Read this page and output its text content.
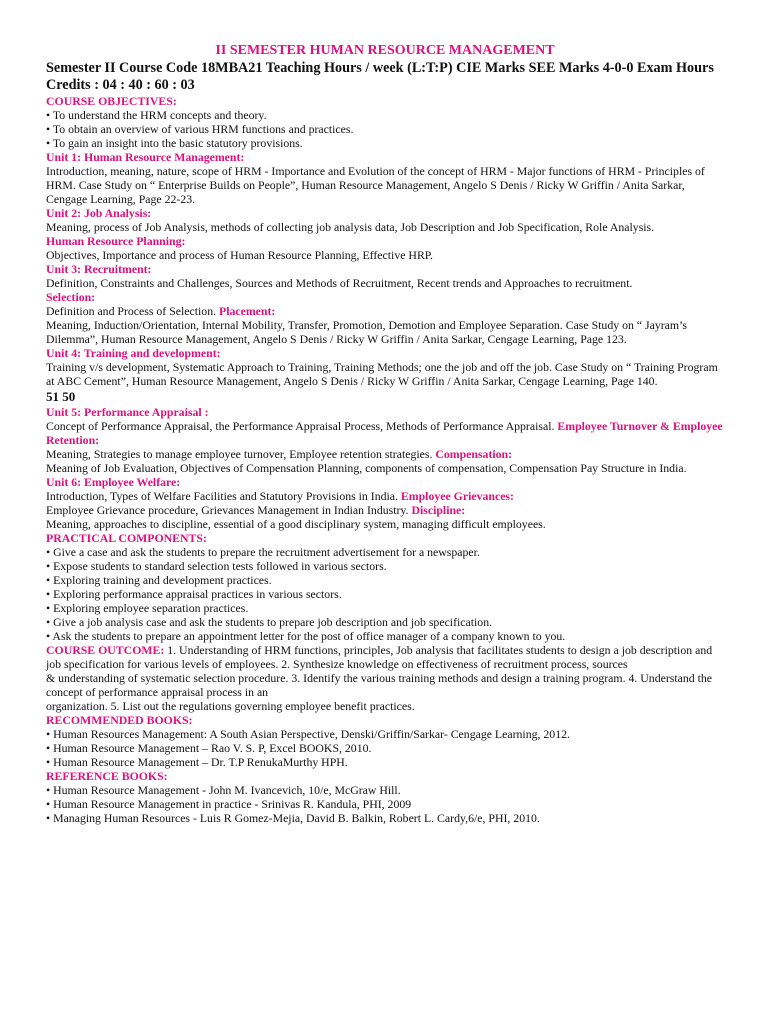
II SEMESTER HUMAN RESOURCE MANAGEMENT

Semester II Course Code 18MBA21 Teaching Hours / week (L:T:P) CIE Marks SEE Marks 4-0-0 Exam Hours Credits : 04 : 40 : 60 : 03

COURSE OBJECTIVES:

• To understand the HRM concepts and theory.

• To obtain an overview of various HRM functions and practices.

• To gain an insight into the basic statutory provisions.

Unit 1: Human Resource Management:

Introduction, meaning, nature, scope of HRM - Importance and Evolution of the concept of HRM - Major functions of HRM - Principles of HRM. Case Study on “ Enterprise Builds on People”, Human Resource Management, Angelo S Denis / Ricky W Griffin / Anita Sarkar, Cengage Learning, Page 22-23.

Unit 2: Job Analysis:

Meaning, process of Job Analysis, methods of collecting job analysis data, Job Description and Job Specification, Role Analysis.

Human Resource Planning:

Objectives, Importance and process of Human Resource Planning, Effective HRP.

Unit 3: Recruitment:

Definition, Constraints and Challenges, Sources and Methods of Recruitment, Recent trends and Approaches to recruitment.

Selection:

Definition and Process of Selection. Placement:

Meaning, Induction/Orientation, Internal Mobility, Transfer, Promotion, Demotion and Employee Separation. Case Study on “ Jayram’s Dilemma”, Human Resource Management, Angelo S Denis / Ricky W Griffin / Anita Sarkar, Cengage Learning, Page 123.

Unit 4: Training and development:

Training v/s development, Systematic Approach to Training, Training Methods; one the job and off the job. Case Study on “ Training Program at ABC Cement”, Human Resource Management, Angelo S Denis / Ricky W Griffin / Anita Sarkar, Cengage Learning, Page 140.

51 50

Unit 5: Performance Appraisal :

Concept of Performance Appraisal, the Performance Appraisal Process, Methods of Performance Appraisal. Employee Turnover & Employee Retention:

Meaning, Strategies to manage employee turnover, Employee retention strategies. Compensation:

Meaning of Job Evaluation, Objectives of Compensation Planning, components of compensation, Compensation Pay Structure in India.

Unit 6: Employee Welfare:

Introduction, Types of Welfare Facilities and Statutory Provisions in India. Employee Grievances:

Employee Grievance procedure, Grievances Management in Indian Industry. Discipline:

Meaning, approaches to discipline, essential of a good disciplinary system, managing difficult employees.

PRACTICAL COMPONENTS:

• Give a case and ask the students to prepare the recruitment advertisement for a newspaper.

• Expose students to standard selection tests followed in various sectors.

• Exploring training and development practices.

• Exploring performance appraisal practices in various sectors.

• Exploring employee separation practices.

• Give a job analysis case and ask the students to prepare job description and job specification.

• Ask the students to prepare an appointment letter for the post of office manager of a company known to you.

COURSE OUTCOME: 1. Understanding of HRM functions, principles, Job analysis that facilitates students to design a job description and job specification for various levels of employees. 2. Synthesize knowledge on effectiveness of recruitment process, sources

& understanding of systematic selection procedure. 3. Identify the various training methods and design a training program. 4. Understand the concept of performance appraisal process in an

organization. 5. List out the regulations governing employee benefit practices.

RECOMMENDED BOOKS:

• Human Resources Management: A South Asian Perspective, Denski/Griffin/Sarkar- Cengage Learning, 2012.

• Human Resource Management – Rao V. S. P, Excel BOOKS, 2010.

• Human Resource Management – Dr. T.P RenukaMurthy HPH.

REFERENCE BOOKS:

• Human Resource Management - John M. Ivancevich, 10/e, McGraw Hill.

• Human Resource Management in practice - Srinivas R. Kandula, PHI, 2009

• Managing Human Resources - Luis R Gomez-Mejia, David B. Balkin, Robert L. Cardy,6/e, PHI, 2010.
